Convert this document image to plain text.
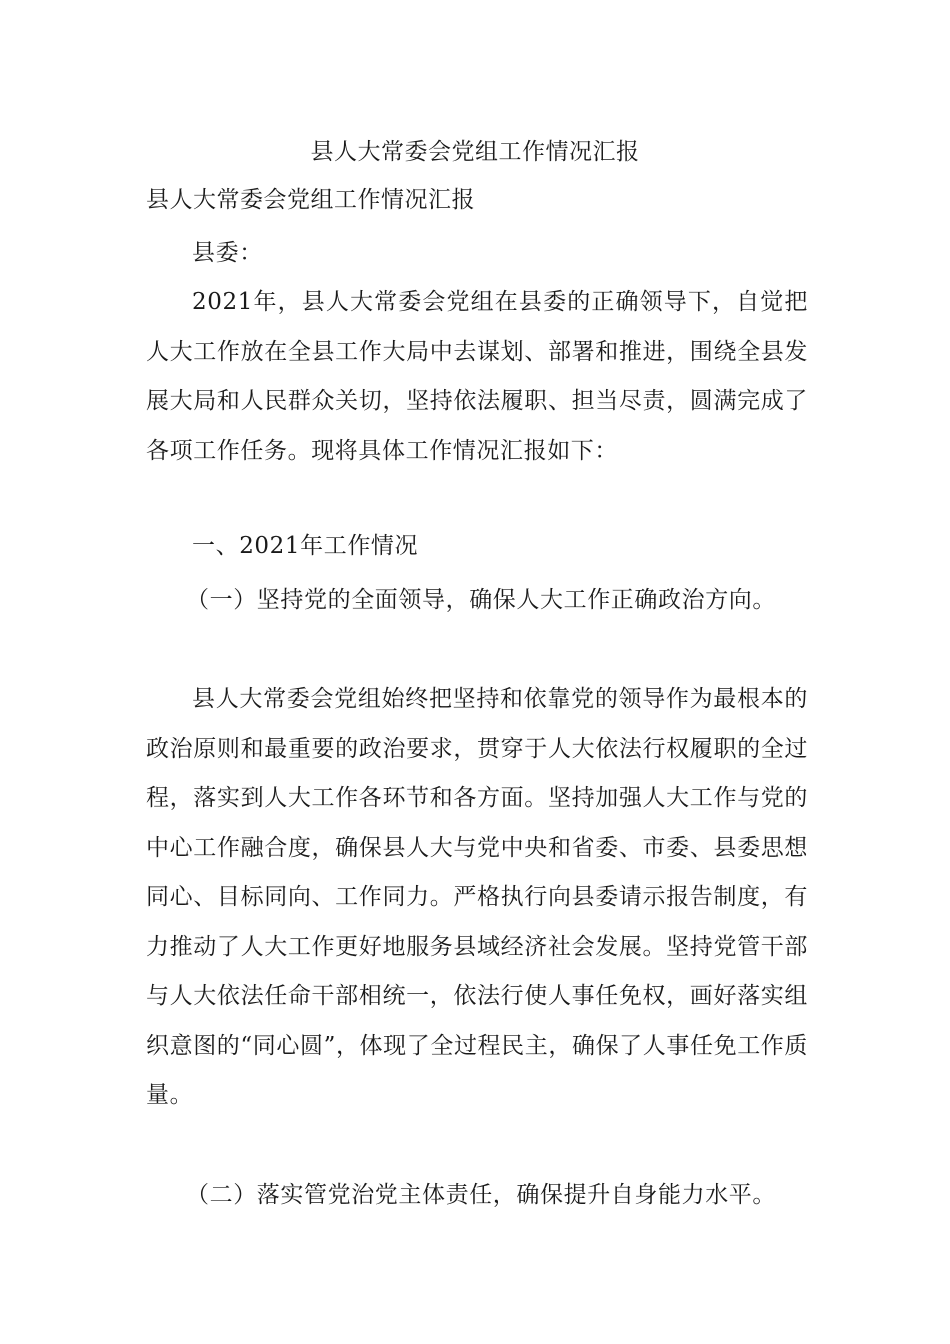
县人大常委会党组工作情况汇报
县人大常委会党组工作情况汇报

县委：

2021年，县人大常委会党组在县委的正确领导下，自觉把人大工作放在全县工作大局中去谋划、部署和推进，围绕全县发展大局和人民群众关切，坚持依法履职、担当尽责，圆满完成了各项工作任务。现将具体工作情况汇报如下：

一、2021年工作情况

（一）坚持党的全面领导，确保人大工作正确政治方向。

县人大常委会党组始终把坚持和依靠党的领导作为最根本的政治原则和最重要的政治要求，贯穿于人大依法行权履职的全过程，落实到人大工作各环节和各方面。坚持加强人大工作与党的中心工作融合度，确保县人大与党中央和省委、市委、县委思想同心、目标同向、工作同力。严格执行向县委请示报告制度，有力推动了人大工作更好地服务县域经济社会发展。坚持党管干部与人大依法任命干部相统一，依法行使人事任免权，画好落实组织意图的“同心圆”，体现了全过程民主，确保了人事任免工作质量。

（二）落实管党治党主体责任，确保提升自身能力水平。
